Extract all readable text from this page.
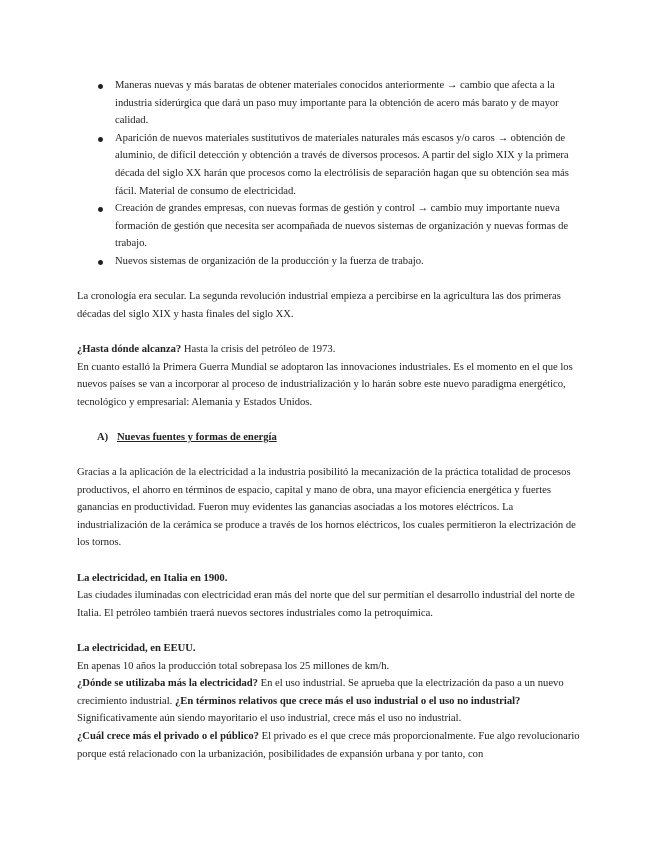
Maneras nuevas y más baratas de obtener materiales conocidos anteriormente → cambio que afecta a la industria siderúrgica que dará un paso muy importante para la obtención de acero más barato y de mayor calidad.
Aparición de nuevos materiales sustitutivos de materiales naturales más escasos y/o caros → obtención de aluminio, de difícil detección y obtención a través de diversos procesos. A partir del siglo XIX y la primera década del siglo XX harán que procesos como la electrólisis de separación hagan que su obtención sea más fácil. Material de consumo de electricidad.
Creación de grandes empresas, con nuevas formas de gestión y control → cambio muy importante nueva formación de gestión que necesita ser acompañada de nuevos sistemas de organización y nuevas formas de trabajo.
Nuevos sistemas de organización de la producción y la fuerza de trabajo.

La cronología era secular. La segunda revolución industrial empieza a percibirse en la agricultura las dos primeras décadas del siglo XIX y hasta finales del siglo XX.

¿Hasta dónde alcanza? Hasta la crisis del petróleo de 1973.

En cuanto estalló la Primera Guerra Mundial se adoptaron las innovaciones industriales. Es el momento en el que los nuevos países se van a incorporar al proceso de industrialización y lo harán sobre este nuevo paradigma energético, tecnológico y empresarial: Alemania y Estados Unidos.

A) Nuevas fuentes y formas de energía

Gracias a la aplicación de la electricidad a la industria posibilitó la mecanización de la práctica totalidad de procesos productivos, el ahorro en términos de espacio, capital y mano de obra, una mayor eficiencia energética y fuertes ganancias en productividad. Fueron muy evidentes las ganancias asociadas a los motores eléctricos. La industrialización de la cerámica se produce a través de los hornos eléctricos, los cuales permitieron la electrización de los tornos.

La electricidad, en Italia en 1900.

Las ciudades iluminadas con electricidad eran más del norte que del sur permitían el desarrollo industrial del norte de Italia. El petróleo también traerá nuevos sectores industriales como la petroquímica.

La electricidad, en EEUU.

En apenas 10 años la producción total sobrepasa los 25 millones de km/h.

¿Dónde se utilizaba más la electricidad? En el uso industrial. Se aprueba que la electrización da paso a un nuevo crecimiento industrial. ¿En términos relativos que crece más el uso industrial o el uso no industrial? Significativamente aún siendo mayoritario el uso industrial, crece más el uso no industrial.

¿Cuál crece más el privado o el público? El privado es el que crece más proporcionalmente. Fue algo revolucionario porque está relacionado con la urbanización, posibilidades de expansión urbana y por tanto, con
